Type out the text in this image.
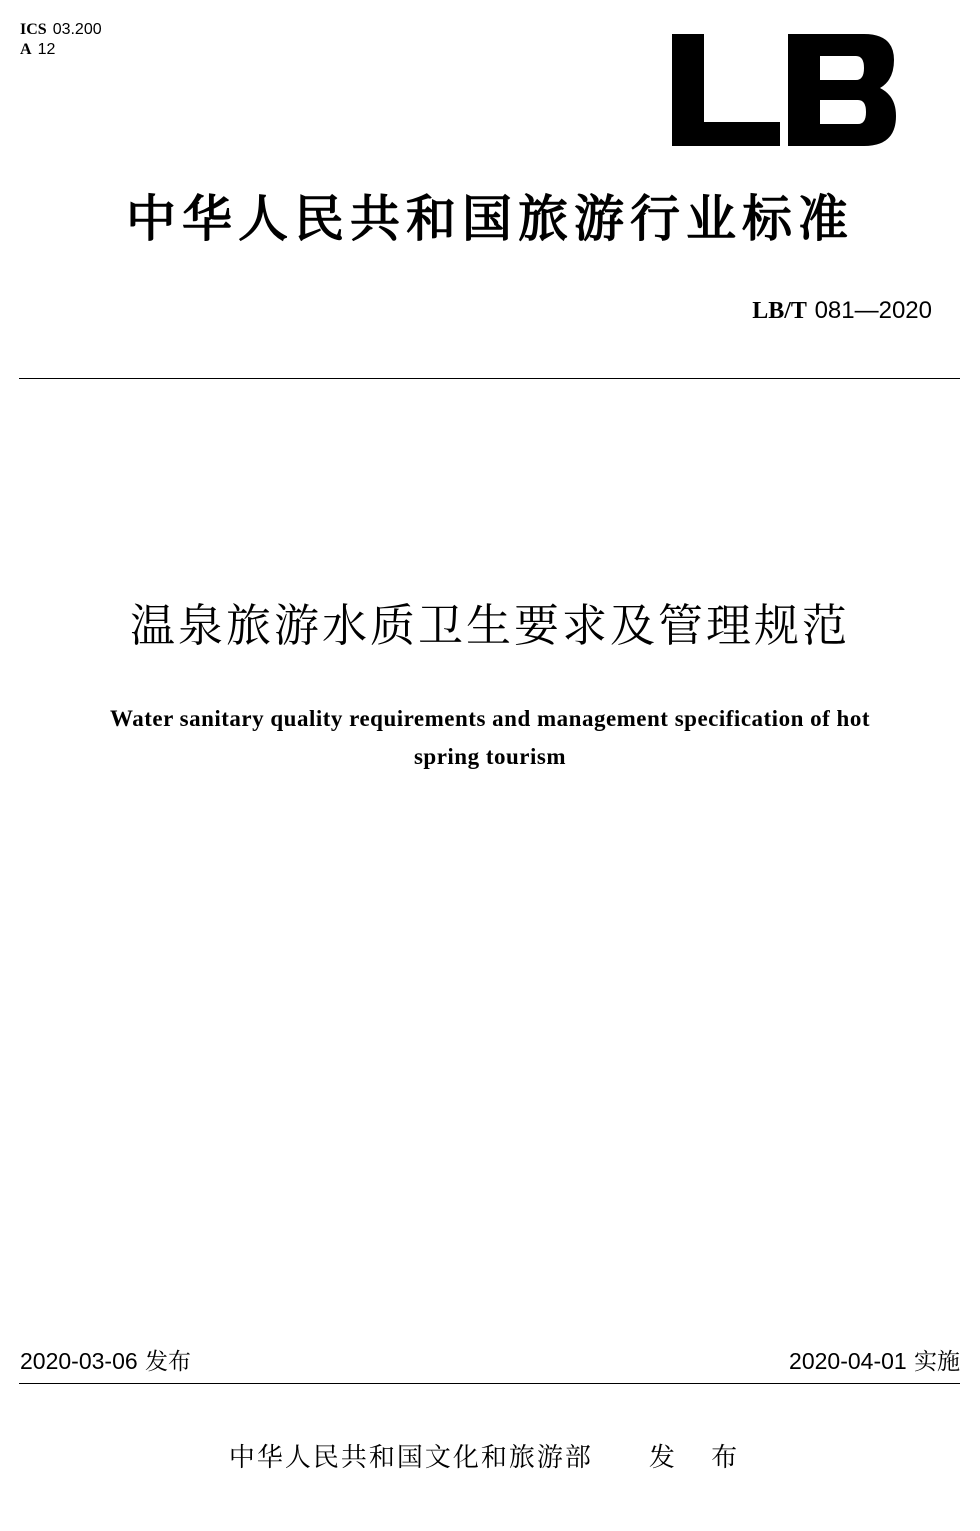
ICS 03.200
A 12
中华人民共和国旅游行业标准
LB/T 081—2020
温泉旅游水质卫生要求及管理规范
Water sanitary quality requirements and management specification of hot
spring tourism
2020-03-06 发布	2020-04-01 实施
中华人民共和国文化和旅游部 发 布
